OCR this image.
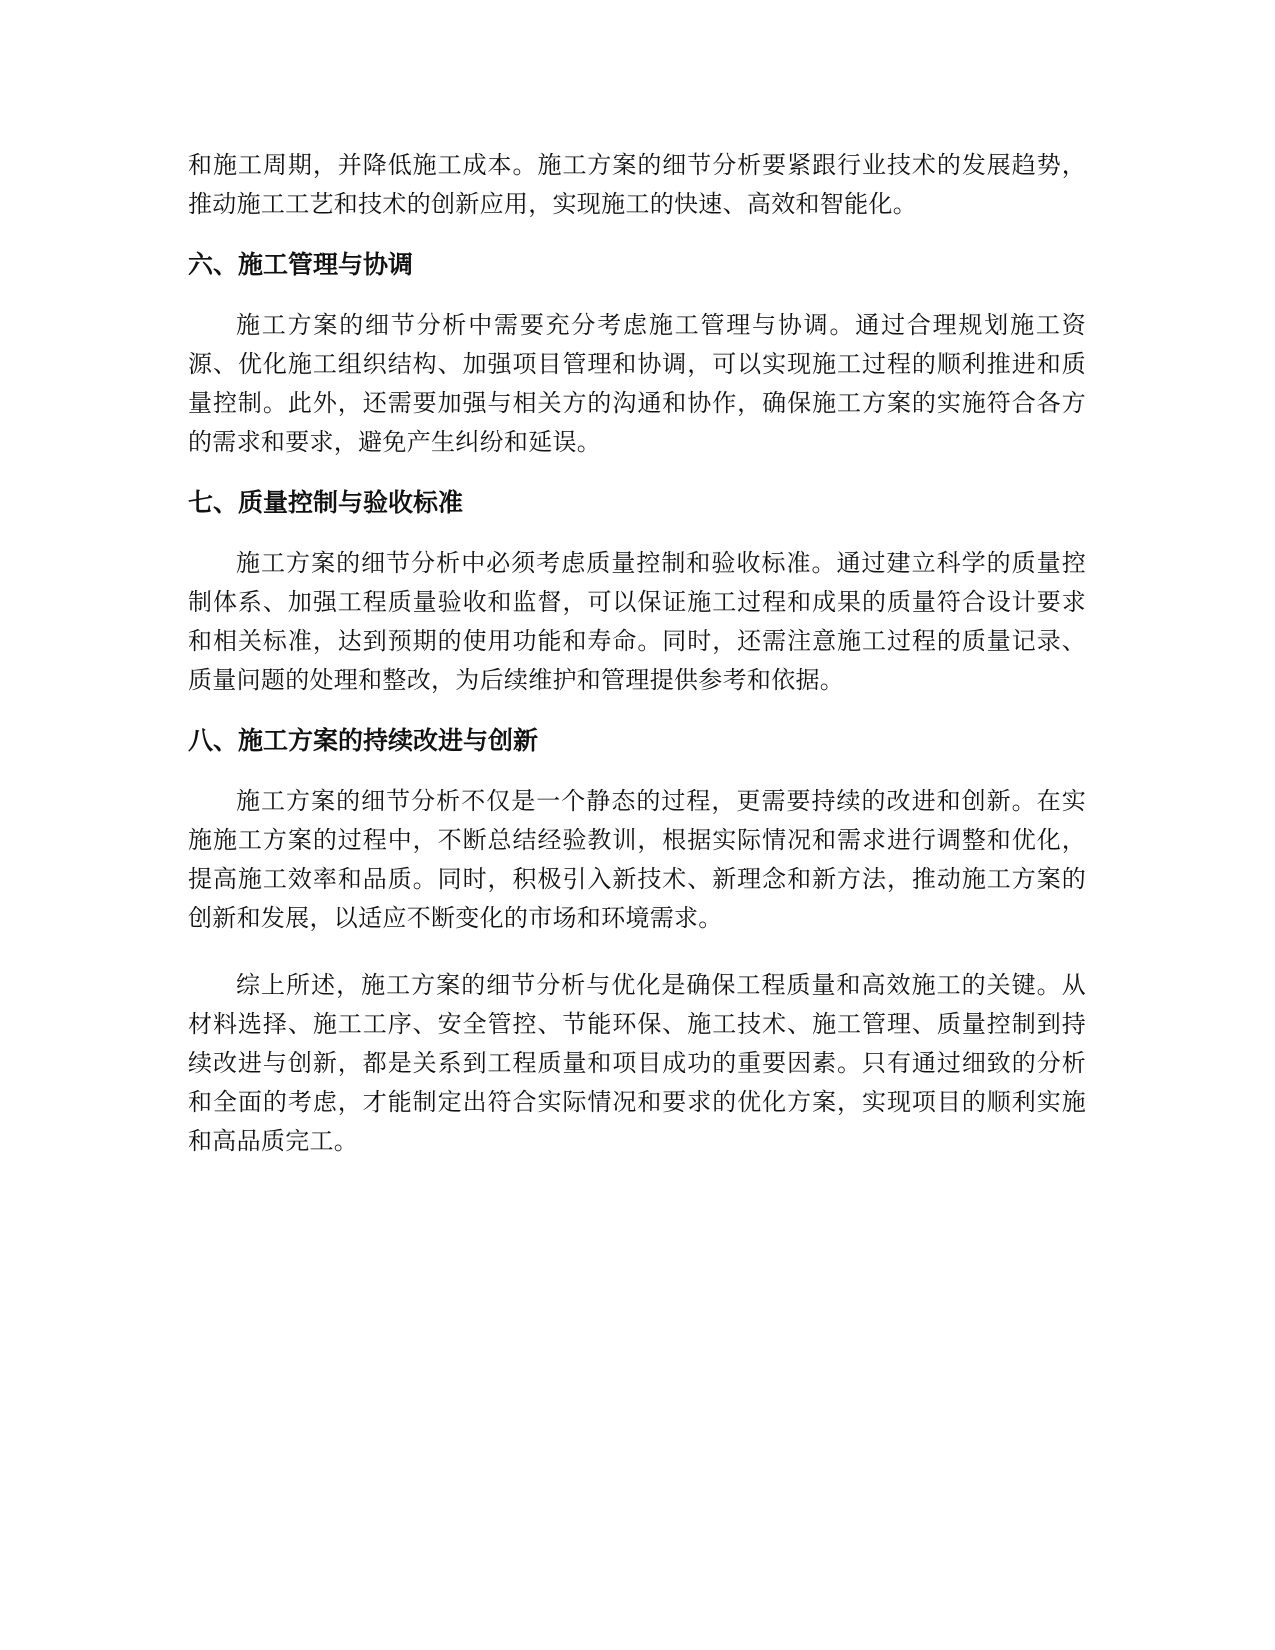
和施工周期，并降低施工成本。施工方案的细节分析要紧跟行业技术的发展趋势，推动施工工艺和技术的创新应用，实现施工的快速、高效和智能化。

六、施工管理与协调

施工方案的细节分析中需要充分考虑施工管理与协调。通过合理规划施工资源、优化施工组织结构、加强项目管理和协调，可以实现施工过程的顺利推进和质量控制。此外，还需要加强与相关方的沟通和协作，确保施工方案的实施符合各方的需求和要求，避免产生纠纷和延误。

七、质量控制与验收标准

施工方案的细节分析中必须考虑质量控制和验收标准。通过建立科学的质量控制体系、加强工程质量验收和监督，可以保证施工过程和成果的质量符合设计要求和相关标准，达到预期的使用功能和寿命。同时，还需注意施工过程的质量记录、质量问题的处理和整改，为后续维护和管理提供参考和依据。

八、施工方案的持续改进与创新

施工方案的细节分析不仅是一个静态的过程，更需要持续的改进和创新。在实施施工方案的过程中，不断总结经验教训，根据实际情况和需求进行调整和优化，提高施工效率和品质。同时，积极引入新技术、新理念和新方法，推动施工方案的创新和发展，以适应不断变化的市场和环境需求。

综上所述，施工方案的细节分析与优化是确保工程质量和高效施工的关键。从材料选择、施工工序、安全管控、节能环保、施工技术、施工管理、质量控制到持续改进与创新，都是关系到工程质量和项目成功的重要因素。只有通过细致的分析和全面的考虑，才能制定出符合实际情况和要求的优化方案，实现项目的顺利实施和高品质完工。
